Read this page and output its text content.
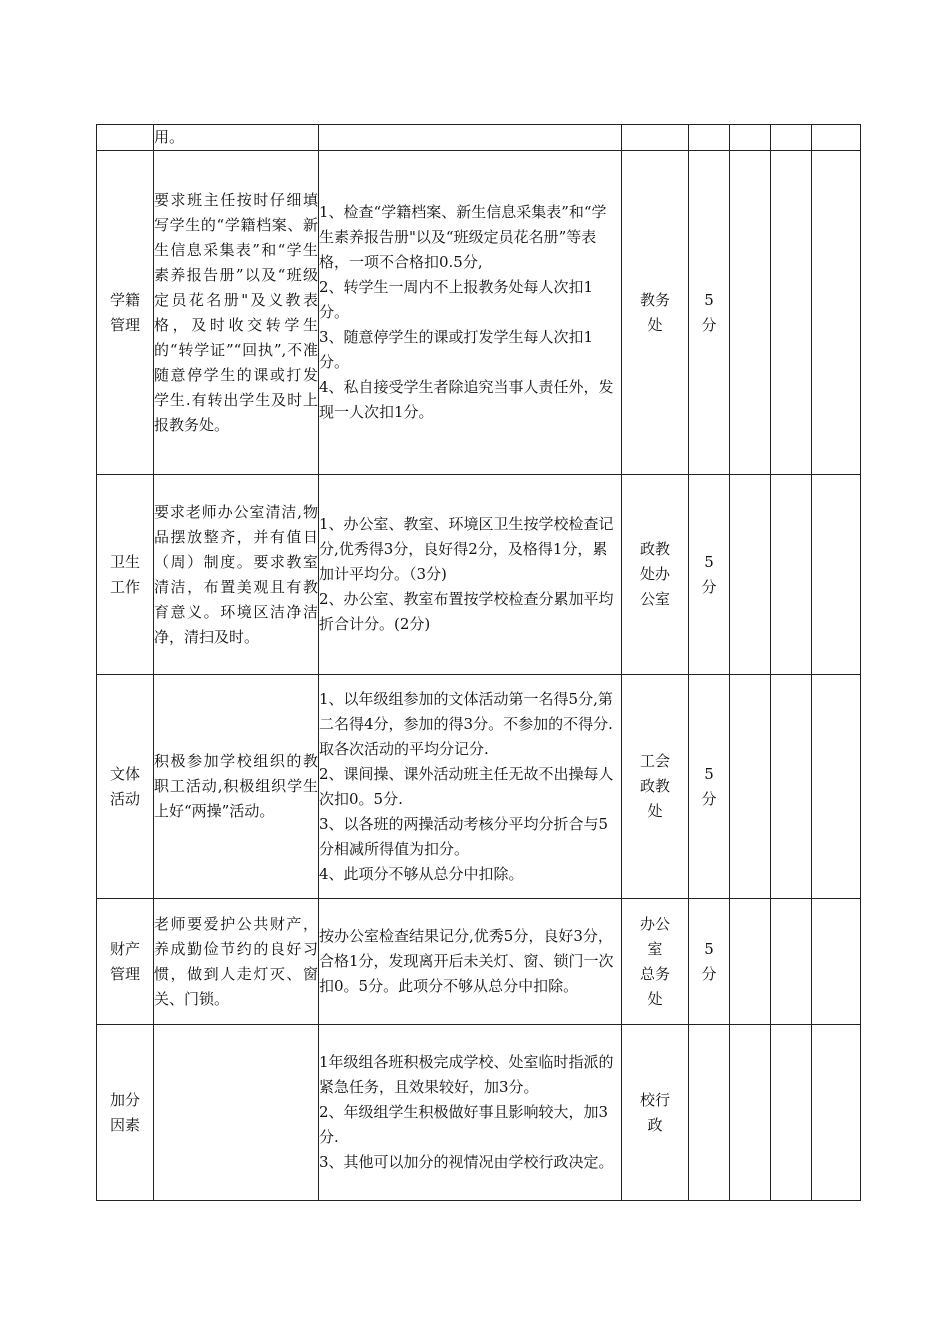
	用。						

学籍
管理	要求班主任按时仔细填写学生的“学籍档案、新生信息采集表”和“学生素养报告册”以及“班级定员花名册"及义教表格，及时收交转学生的“转学证”“回执”,不准随意停学生的课或打发学生.有转出学生及时上报教务处。	1、检查“学籍档案、新生信息采集表”和“学生素养报告册"以及“班级定员花名册”等表格，一项不合格扣0.5分,
2、转学生一周内不上报教务处每人次扣1分。
3、随意停学生的课或打发学生每人次扣1分。
4、私自接受学生者除追究当事人责任外，发现一人次扣1分。	教务
处	5
分			

卫生
工作	要求老师办公室清洁,物品摆放整齐，并有值日（周）制度。要求教室清洁，布置美观且有教育意义。环境区洁净洁净，清扫及时。	1、办公室、教室、环境区卫生按学校检查记分,优秀得3分，良好得2分，及格得1分，累加计平均分。（3分)
2、办公室、教室布置按学校检查分累加平均折合计分。(2分)	政教
处办
公室	5
分			

文体
活动	积极参加学校组织的教职工活动,积极组织学生上好“两操”活动。	1、以年级组参加的文体活动第一名得5分,第二名得4分，参加的得3分。不参加的不得分.取各次活动的平均分记分.
2、课间操、课外活动班主任无故不出操每人次扣0。5分.
3、以各班的两操活动考核分平均分折合与5分相减所得值为扣分。
4、此项分不够从总分中扣除。	工会
政教
处	5
分			

财产
管理	老师要爱护公共财产，养成勤俭节约的良好习惯，做到人走灯灭、窗关、门锁。	按办公室检查结果记分,优秀5分，良好3分，合格1分，发现离开后未关灯、窗、锁门一次扣0。5分。此项分不够从总分中扣除。	办公
室
总务
处	5
分			

加分
因素		1年级组各班积极完成学校、处室临时指派的紧急任务，且效果较好，加3分。
2、年级组学生积极做好事且影响较大，加3分.
3、其他可以加分的视情况由学校行政决定。	校行
政				
